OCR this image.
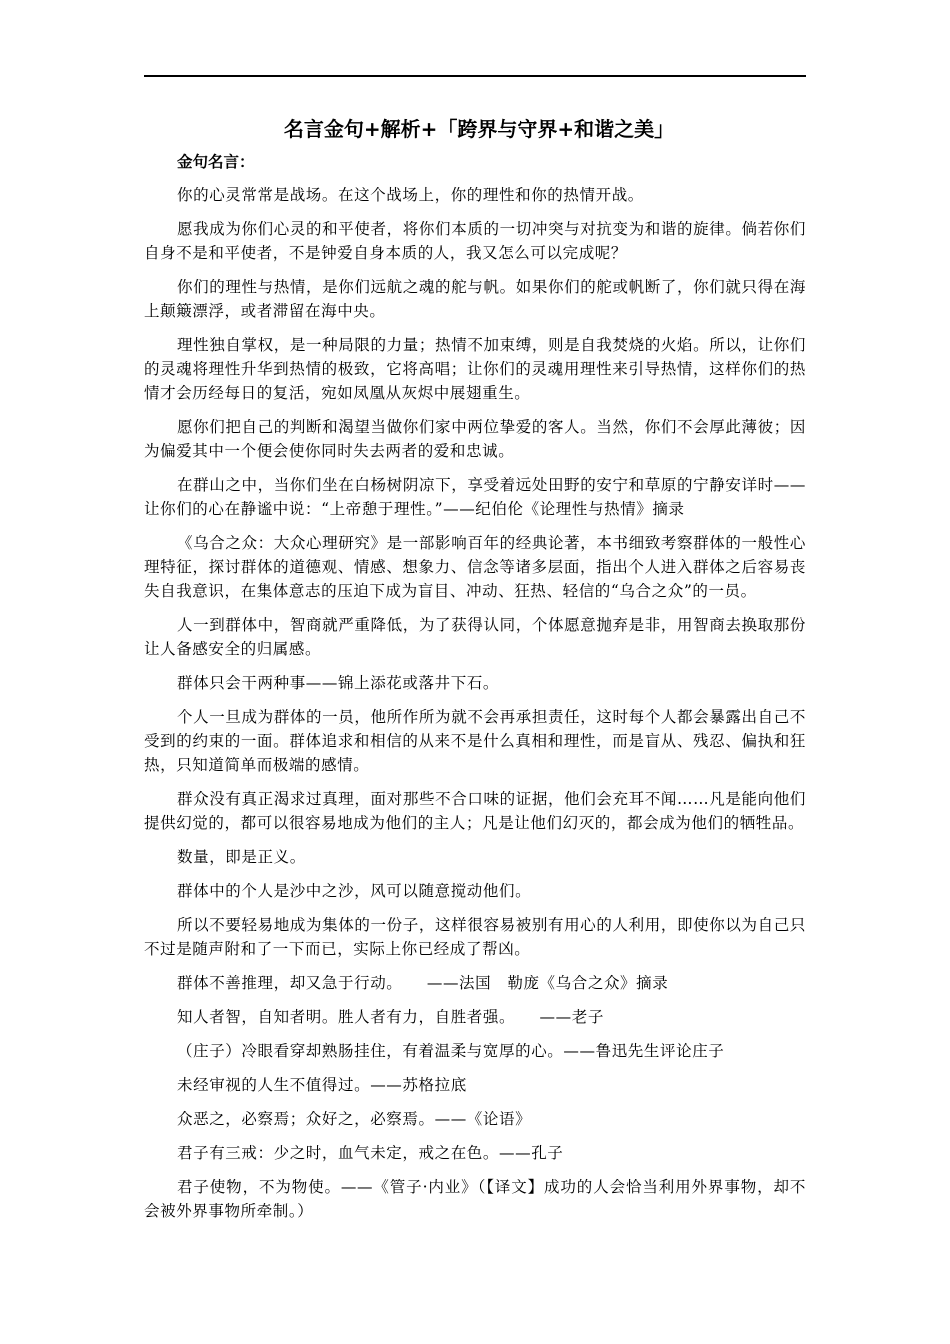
名言金句+解析+「跨界与守界+和谐之美」
金句名言：

你的心灵常常是战场。在这个战场上，你的理性和你的热情开战。

愿我成为你们心灵的和平使者，将你们本质的一切冲突与对抗变为和谐的旋律。倘若你们自身不是和平使者，不是钟爱自身本质的人，我又怎么可以完成呢？

你们的理性与热情，是你们远航之魂的舵与帆。如果你们的舵或帆断了，你们就只得在海上颠簸漂浮，或者滞留在海中央。

理性独自掌权，是一种局限的力量；热情不加束缚，则是自我焚烧的火焰。所以，让你们的灵魂将理性升华到热情的极致，它将高唱；让你们的灵魂用理性来引导热情，这样你们的热情才会历经每日的复活，宛如凤凰从灰烬中展翅重生。

愿你们把自己的判断和渴望当做你们家中两位挚爱的客人。当然，你们不会厚此薄彼；因为偏爱其中一个便会使你同时失去两者的爱和忠诚。

在群山之中，当你们坐在白杨树阴凉下，享受着远处田野的安宁和草原的宁静安详时——让你们的心在静谧中说：“上帝憩于理性。”——纪伯伦《论理性与热情》摘录

《乌合之众：大众心理研究》是一部影响百年的经典论著，本书细致考察群体的一般性心理特征，探讨群体的道德观、情感、想象力、信念等诸多层面，指出个人进入群体之后容易丧失自我意识，在集体意志的压迫下成为盲目、冲动、狂热、轻信的“乌合之众”的一员。

人一到群体中，智商就严重降低，为了获得认同，个体愿意抛弃是非，用智商去换取那份让人备感安全的归属感。

群体只会干两种事——锦上添花或落井下石。

个人一旦成为群体的一员，他所作所为就不会再承担责任，这时每个人都会暴露出自己不受到的约束的一面。群体追求和相信的从来不是什么真相和理性，而是盲从、残忍、偏执和狂热，只知道简单而极端的感情。

群众没有真正渴求过真理，面对那些不合口味的证据，他们会充耳不闻……凡是能向他们提供幻觉的，都可以很容易地成为他们的主人；凡是让他们幻灭的，都会成为他们的牺牲品。

数量，即是正义。

群体中的个人是沙中之沙，风可以随意搅动他们。

所以不要轻易地成为集体的一份子，这样很容易被别有用心的人利用，即使你以为自己只不过是随声附和了一下而已，实际上你已经成了帮凶。

群体不善推理，却又急于行动。　　——法国　勒庞《乌合之众》摘录

知人者智，自知者明。胜人者有力，自胜者强。　　——老子

（庄子）冷眼看穿却熟肠挂住，有着温柔与宽厚的心。——鲁迅先生评论庄子

未经审视的人生不值得过。——苏格拉底

众恶之，必察焉；众好之，必察焉。——《论语》

君子有三戒：少之时，血气未定，戒之在色。——孔子

君子使物，不为物使。——《管子·内业》（【译文】成功的人会恰当利用外界事物，却不会被外界事物所牵制。）
